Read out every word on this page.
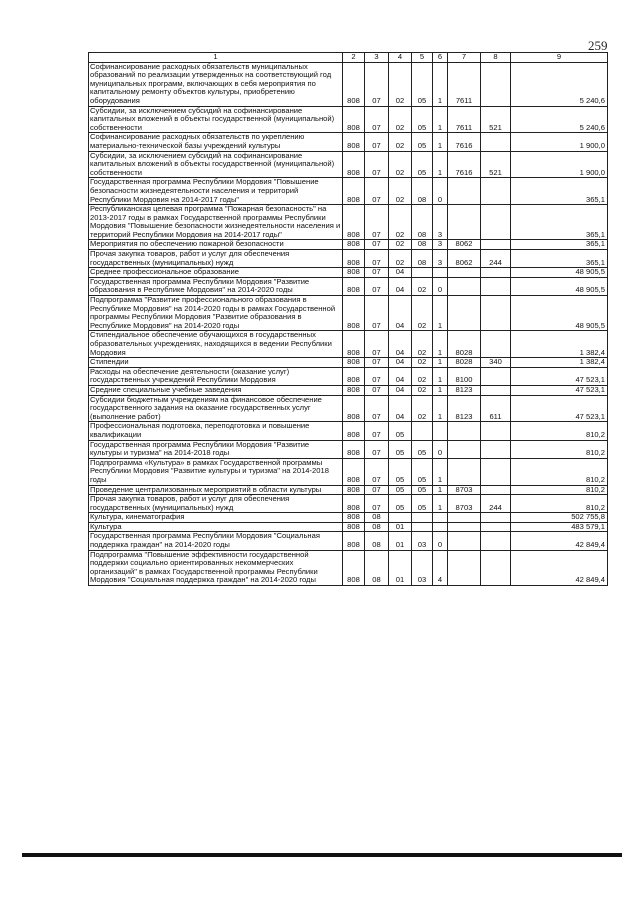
259
1	2	3	4	5	6	7	8	9
Софинансирование расходных обязательств муниципальных образований по реализации утвержденных на соответствующий год муниципальных программ, включающих в себя мероприятия по капитальному ремонту объектов культуры, приобретению оборудования	808	07	02	05	1	7611		5 240,6
Субсидии, за исключением субсидий на софинансирование капитальных вложений в объекты государственной (муниципальной) собственности	808	07	02	05	1	7611	521	5 240,6
Софинансирование расходных обязательств по укреплению материально-технической базы учреждений культуры	808	07	02	05	1	7616		1 900,0
Субсидии, за исключением субсидий на софинансирование капитальных вложений в объекты государственной (муниципальной) собственности	808	07	02	05	1	7616	521	1 900,0
Государственная программа Республики Мордовия "Повышение безопасности жизнедеятельности населения и территорий Республики Мордовия на 2014-2017 годы"	808	07	02	08	0			365,1
Республиканская целевая программа "Пожарная безопасность" на 2013-2017 годы в рамках Государственной программы Республики Мордовия "Повышение безопасности жизнедеятельности населения и территорий Республики Мордовия на 2014-2017 годы"	808	07	02	08	3			365,1
Мероприятия по обеспечению пожарной безопасности	808	07	02	08	3	8062		365,1
Прочая закупка товаров, работ и услуг для обеспечения государственных (муниципальных) нужд	808	07	02	08	3	8062	244	365,1
Среднее профессиональное образование	808	07	04					48 905,5
Государственная программа Республики Мордовия "Развитие образования в Республике Мордовия" на 2014-2020 годы	808	07	04	02	0			48 905,5
Подпрограмма "Развитие профессионального образования в Республике Мордовия" на 2014-2020 годы в рамках Государственной программы Республики Мордовия "Развитие образования в Республике Мордовия" на 2014-2020 годы	808	07	04	02	1			48 905,5
Стипендиальное обеспечение обучающихся в государственных образовательных учреждениях, находящихся в ведении Республики Мордовия	808	07	04	02	1	8028		1 382,4
Стипендии	808	07	04	02	1	8028	340	1 382,4
Расходы на обеспечение деятельности (оказание услуг) государственных учреждений Республики Мордовия	808	07	04	02	1	8100		47 523,1
Средние специальные учебные заведения	808	07	04	02	1	8123		47 523,1
Субсидии бюджетным учреждениям на финансовое обеспечение государственного задания на оказание государственных услуг (выполнение работ)	808	07	04	02	1	8123	611	47 523,1
Профессиональная подготовка, переподготовка и повышение квалификации	808	07	05					810,2
Государственная программа Республики Мордовия "Развитие культуры и туризма" на 2014-2018 годы	808	07	05	05	0			810,2
Подпрограмма «Культура» в рамках Государственной программы Республики Мордовия "Развитие культуры и туризма" на 2014-2018 годы	808	07	05	05	1			810,2
Проведение централизованных мероприятий в области культуры	808	07	05	05	1	8703		810,2
Прочая закупка товаров, работ и услуг для обеспечения государственных (муниципальных) нужд	808	07	05	05	1	8703	244	810,2
Культура, кинематография	808	08						502 755,8
Культура	808	08	01					483 579,1
Государственная программа Республики Мордовия "Социальная поддержка граждан" на 2014-2020 годы	808	08	01	03	0			42 849,4
Подпрограмма "Повышение эффективности государственной поддержки социально ориентированных некоммерческих организаций" в рамках Государственной программы Республики Мордовия "Социальная поддержка граждан" на 2014-2020 годы	808	08	01	03	4			42 849,4
